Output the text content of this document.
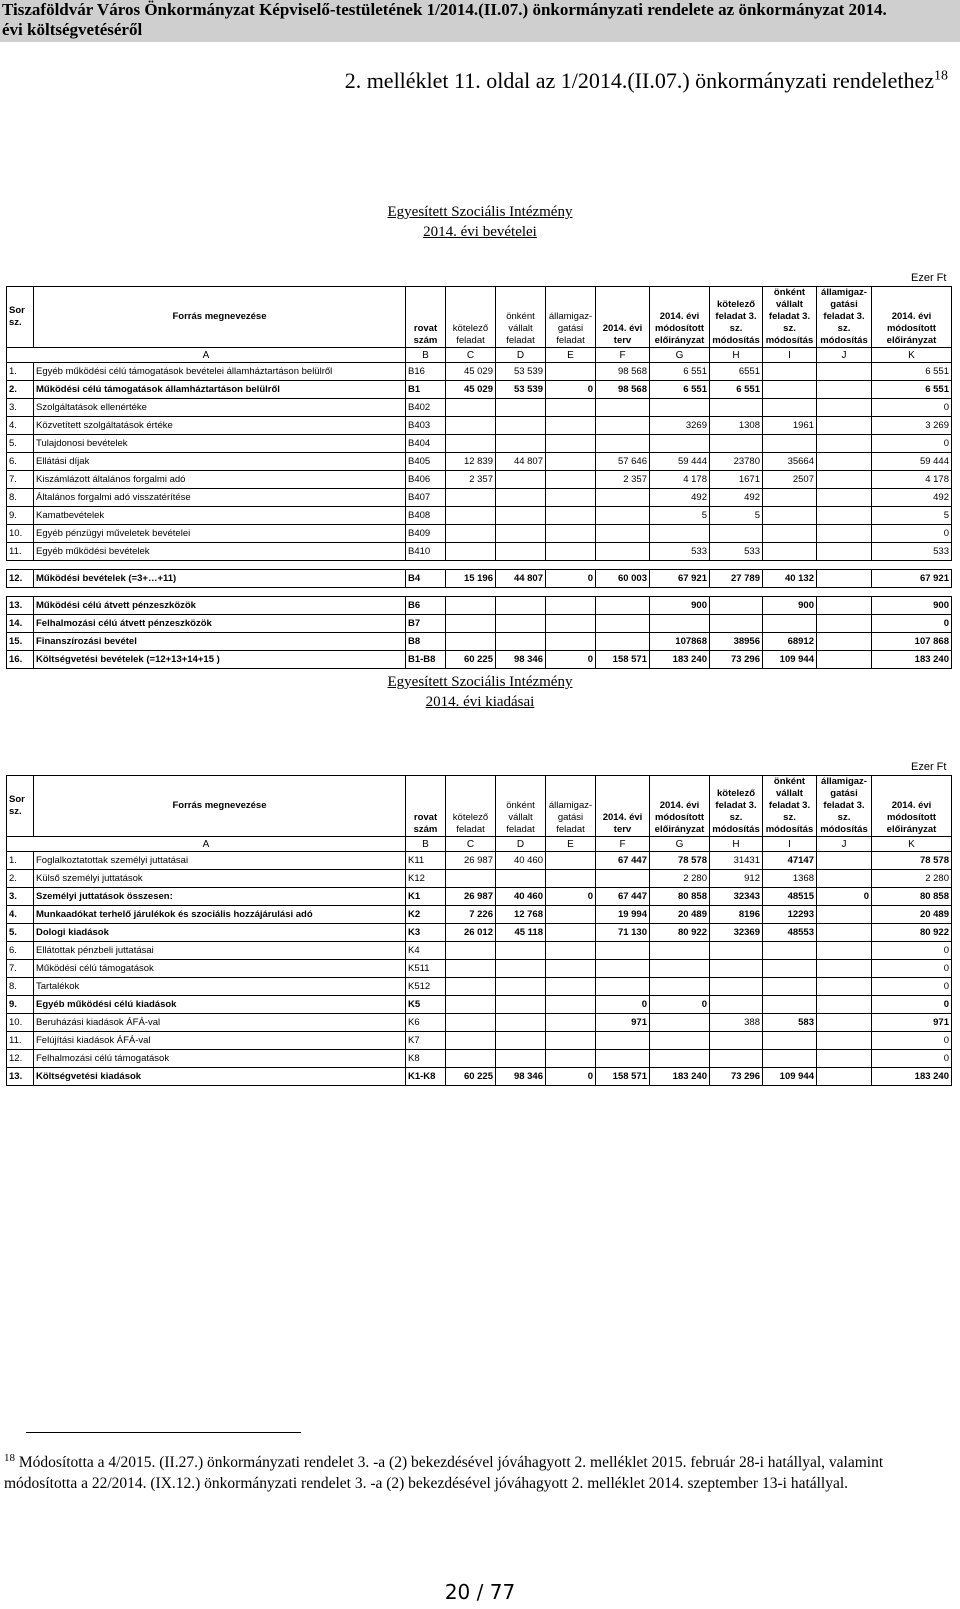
Tiszaföldvár Város Önkormányzat Képviselő-testületének 1/2014.(II.07.) önkormányzati rendelete az önkormányzat 2014.
évi költségvetéséről
2. melléklet 11. oldal az 1/2014.(II.07.) önkormányzati rendelethez$^{18}$
Egyesített Szociális Intézmény
2014. évi bevételei
Ezer Ft
Sor sz.	Forrás megnevezése	rovat szám	kötelező feladat	önként vállalt feladat	államigaz-gatási feladat	2014. évi terv	2014. évi módosított előirányzat	kötelező feladat 3. sz. módosítás	önként vállalt feladat 3. sz. módosítás	államigaz-gatási feladat 3. sz. módosítás	2014. évi módosított előirányzat
A		B	C	D	E	F	G	H	I	J	K
1.	Egyéb működési célú támogatások bevételei államháztartáson belülről	B16	45 029	53 539		98 568	6 551	6551			6 551
2.	Működési célú támogatások államháztartáson belülről	B1	45 029	53 539	0	98 568	6 551	6 551			6 551
3.	Szolgáltatások ellenértéke	B402									0
4.	Közvetített szolgáltatások értéke	B403					3269	1308	1961		3 269
5.	Tulajdonosi bevételek	B404									0
6.	Ellátási díjak	B405	12 839	44 807		57 646	59 444	23780	35664		59 444
7.	Kiszámlázott általános forgalmi adó	B406	2 357			2 357	4 178	1671	2507		4 178
8.	Általános forgalmi adó visszatérítése	B407					492	492			492
9.	Kamatbevételek	B408					5	5			5
10.	Egyéb pénzügyi műveletek bevételei	B409									0
11.	Egyéb működési bevételek	B410					533	533			533

12.	Működési bevételek (=3+…+11)	B4	15 196	44 807	0	60 003	67 921	27 789	40 132		67 921

13.	Működési célú átvett pénzeszközök	B6					900		900		900
14.	Felhalmozási célú átvett pénzeszközök	B7									0
15.	Finanszírozási bevétel	B8					107868	38956	68912		107 868
16.	Költségvetési bevételek (=12+13+14+15 )	B1-B8	60 225	98 346	0	158 571	183 240	73 296	109 944		183 240
Egyesített Szociális Intézmény
2014. évi kiadásai
Ezer Ft
Sor sz.	Forrás megnevezése	rovat szám	kötelező feladat	önként vállalt feladat	államigaz-gatási feladat	2014. évi terv	2014. évi módosított előirányzat	kötelező feladat 3. sz. módosítás	önként vállalt feladat 3. sz. módosítás	államigaz-gatási feladat 3. sz. módosítás	2014. évi módosított előirányzat
A		B	C	D	E	F	G	H	I	J	K
1.	Foglalkoztatottak személyi juttatásai	K11	26 987	40 460		67 447	78 578	31431	47147		78 578
2.	Külső személyi juttatások	K12					2 280	912	1368		2 280
3.	Személyi juttatások összesen:	K1	26 987	40 460	0	67 447	80 858	32343	48515	0	80 858
4.	Munkaadókat terhelő járulékok és szociális hozzájárulási adó	K2	7 226	12 768		19 994	20 489	8196	12293		20 489
5.	Dologi kiadások	K3	26 012	45 118		71 130	80 922	32369	48553		80 922
6.	Ellátottak pénzbeli juttatásai	K4									0
7.	Működési célú támogatások	K511									0
8.	Tartalékok	K512									0
9.	Egyéb működési célú kiadások	K5				0	0				0
10.	Beruházási kiadások ÁFÁ-val	K6				971		388	583		971
11.	Felújítási kiadások ÁFÁ-val	K7									0
12.	Felhalmozási célú támogatások	K8									0
13.	Költségvetési kiadások	K1-K8	60 225	98 346	0	158 571	183 240	73 296	109 944		183 240
$^{18}$ Módosította a 4/2015. (II.27.) önkormányzati rendelet 3. -a (2) bekezdésével jóváhagyott 2. melléklet 2015. február 28-i hatállyal, valamint módosította a 22/2014. (IX.12.) önkormányzati rendelet 3. -a (2) bekezdésével jóváhagyott 2. melléklet 2014. szeptember 13-i hatállyal.
20 / 77
